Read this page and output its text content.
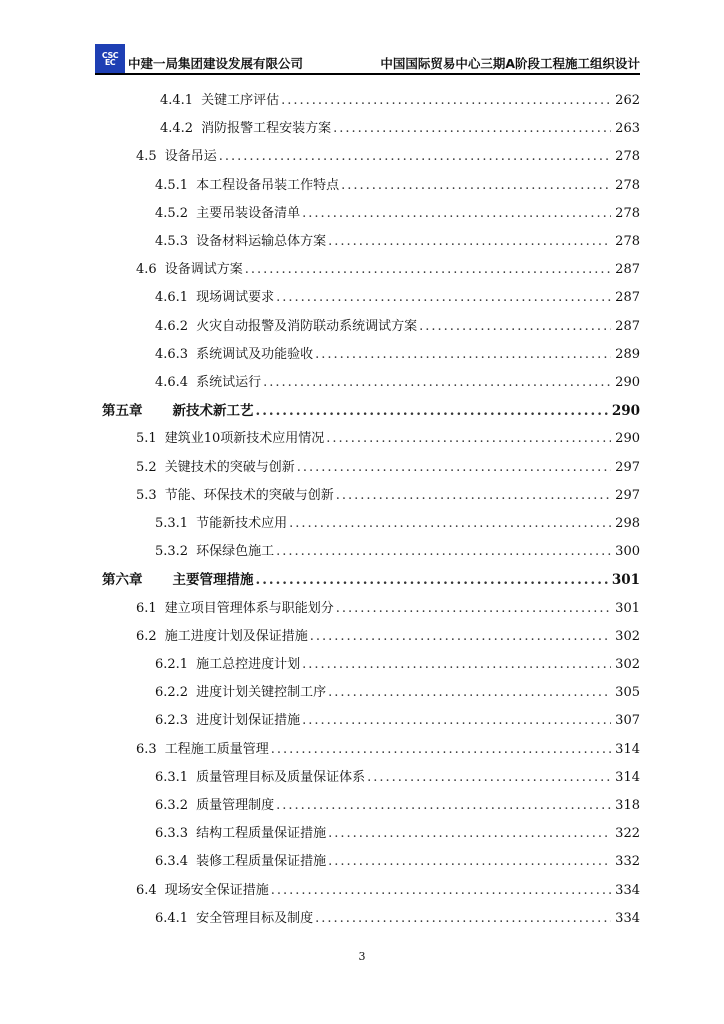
CSC
EC 中建一局集团建设发展有限公司	中国国际贸易中心三期A阶段工程施工组织设计
4.4.1 关键工序评估 .....	262
4.4.2 消防报警工程安装方案 .....	263
4.5 设备吊运 .....	278
4.5.1 本工程设备吊装工作特点 .....	278
4.5.2 主要吊装设备清单 .....	278
4.5.3 设备材料运输总体方案 .....	278
4.6 设备调试方案 .....	287
4.6.1 现场调试要求 .....	287
4.6.2 火灾自动报警及消防联动系统调试方案 .....	287
4.6.3 系统调试及功能验收 .....	289
4.6.4 系统试运行 .....	290
第五章	新技术新工艺 .....	290
5.1 建筑业10项新技术应用情况 .....	290
5.2 关键技术的突破与创新 .....	297
5.3 节能、环保技术的突破与创新 .....	297
5.3.1 节能新技术应用 .....	298
5.3.2 环保绿色施工 .....	300
第六章	主要管理措施 .....	301
6.1 建立项目管理体系与职能划分 .....	301
6.2 施工进度计划及保证措施 .....	302
6.2.1 施工总控进度计划 .....	302
6.2.2 进度计划关键控制工序 .....	305
6.2.3 进度计划保证措施 .....	307
6.3 工程施工质量管理 .....	314
6.3.1 质量管理目标及质量保证体系 .....	314
6.3.2 质量管理制度 .....	318
6.3.3 结构工程质量保证措施 .....	322
6.3.4 装修工程质量保证措施 .....	332
6.4 现场安全保证措施 .....	334
6.4.1 安全管理目标及制度 .....	334
3
